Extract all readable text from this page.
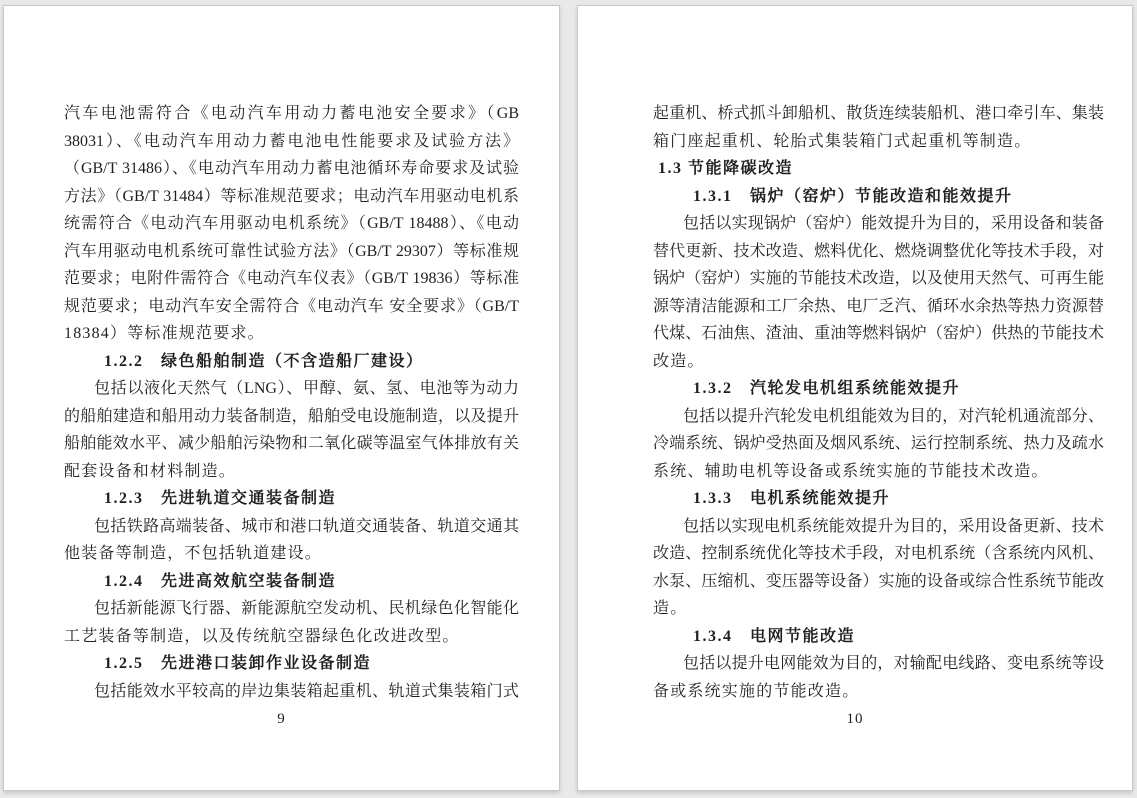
汽车电池需符合《电动汽车用动力蓄电池安全要求》（GB
38031）、《电动汽车用动力蓄电池电性能要求及试验方法》
（GB/T 31486）、《电动汽车用动力蓄电池循环寿命要求及试验
方法》（GB/T 31484）等标准规范要求；电动汽车用驱动电机系
统需符合《电动汽车用驱动电机系统》（GB/T 18488）、《电动
汽车用驱动电机系统可靠性试验方法》（GB/T 29307）等标准规
范要求；电附件需符合《电动汽车仪表》（GB/T 19836）等标准
规范要求；电动汽车安全需符合《电动汽车 安全要求》（GB/T
18384）等标准规范要求。
1.2.2　绿色船舶制造（不含造船厂建设）
包括以液化天然气（LNG）、甲醇、氨、氢、电池等为动力
的船舶建造和船用动力装备制造，船舶受电设施制造，以及提升
船舶能效水平、减少船舶污染物和二氧化碳等温室气体排放有关
配套设备和材料制造。
1.2.3　先进轨道交通装备制造
包括铁路高端装备、城市和港口轨道交通装备、轨道交通其
他装备等制造，不包括轨道建设。
1.2.4　先进高效航空装备制造
包括新能源飞行器、新能源航空发动机、民机绿色化智能化
工艺装备等制造，以及传统航空器绿色化改进改型。
1.2.5　先进港口装卸作业设备制造
包括能效水平较高的岸边集装箱起重机、轨道式集装箱门式
9
起重机、桥式抓斗卸船机、散货连续装船机、港口牵引车、集装
箱门座起重机、轮胎式集装箱门式起重机等制造。
1.3 节能降碳改造
1.3.1　锅炉（窑炉）节能改造和能效提升
包括以实现锅炉（窑炉）能效提升为目的，采用设备和装备
替代更新、技术改造、燃料优化、燃烧调整优化等技术手段，对
锅炉（窑炉）实施的节能技术改造，以及使用天然气、可再生能
源等清洁能源和工厂余热、电厂乏汽、循环水余热等热力资源替
代煤、石油焦、渣油、重油等燃料锅炉（窑炉）供热的节能技术
改造。
1.3.2　汽轮发电机组系统能效提升
包括以提升汽轮发电机组能效为目的，对汽轮机通流部分、
冷端系统、锅炉受热面及烟风系统、运行控制系统、热力及疏水
系统、辅助电机等设备或系统实施的节能技术改造。
1.3.3　电机系统能效提升
包括以实现电机系统能效提升为目的，采用设备更新、技术
改造、控制系统优化等技术手段，对电机系统（含系统内风机、
水泵、压缩机、变压器等设备）实施的设备或综合性系统节能改
造。
1.3.4　电网节能改造
包括以提升电网能效为目的，对输配电线路、变电系统等设
备或系统实施的节能改造。
10
